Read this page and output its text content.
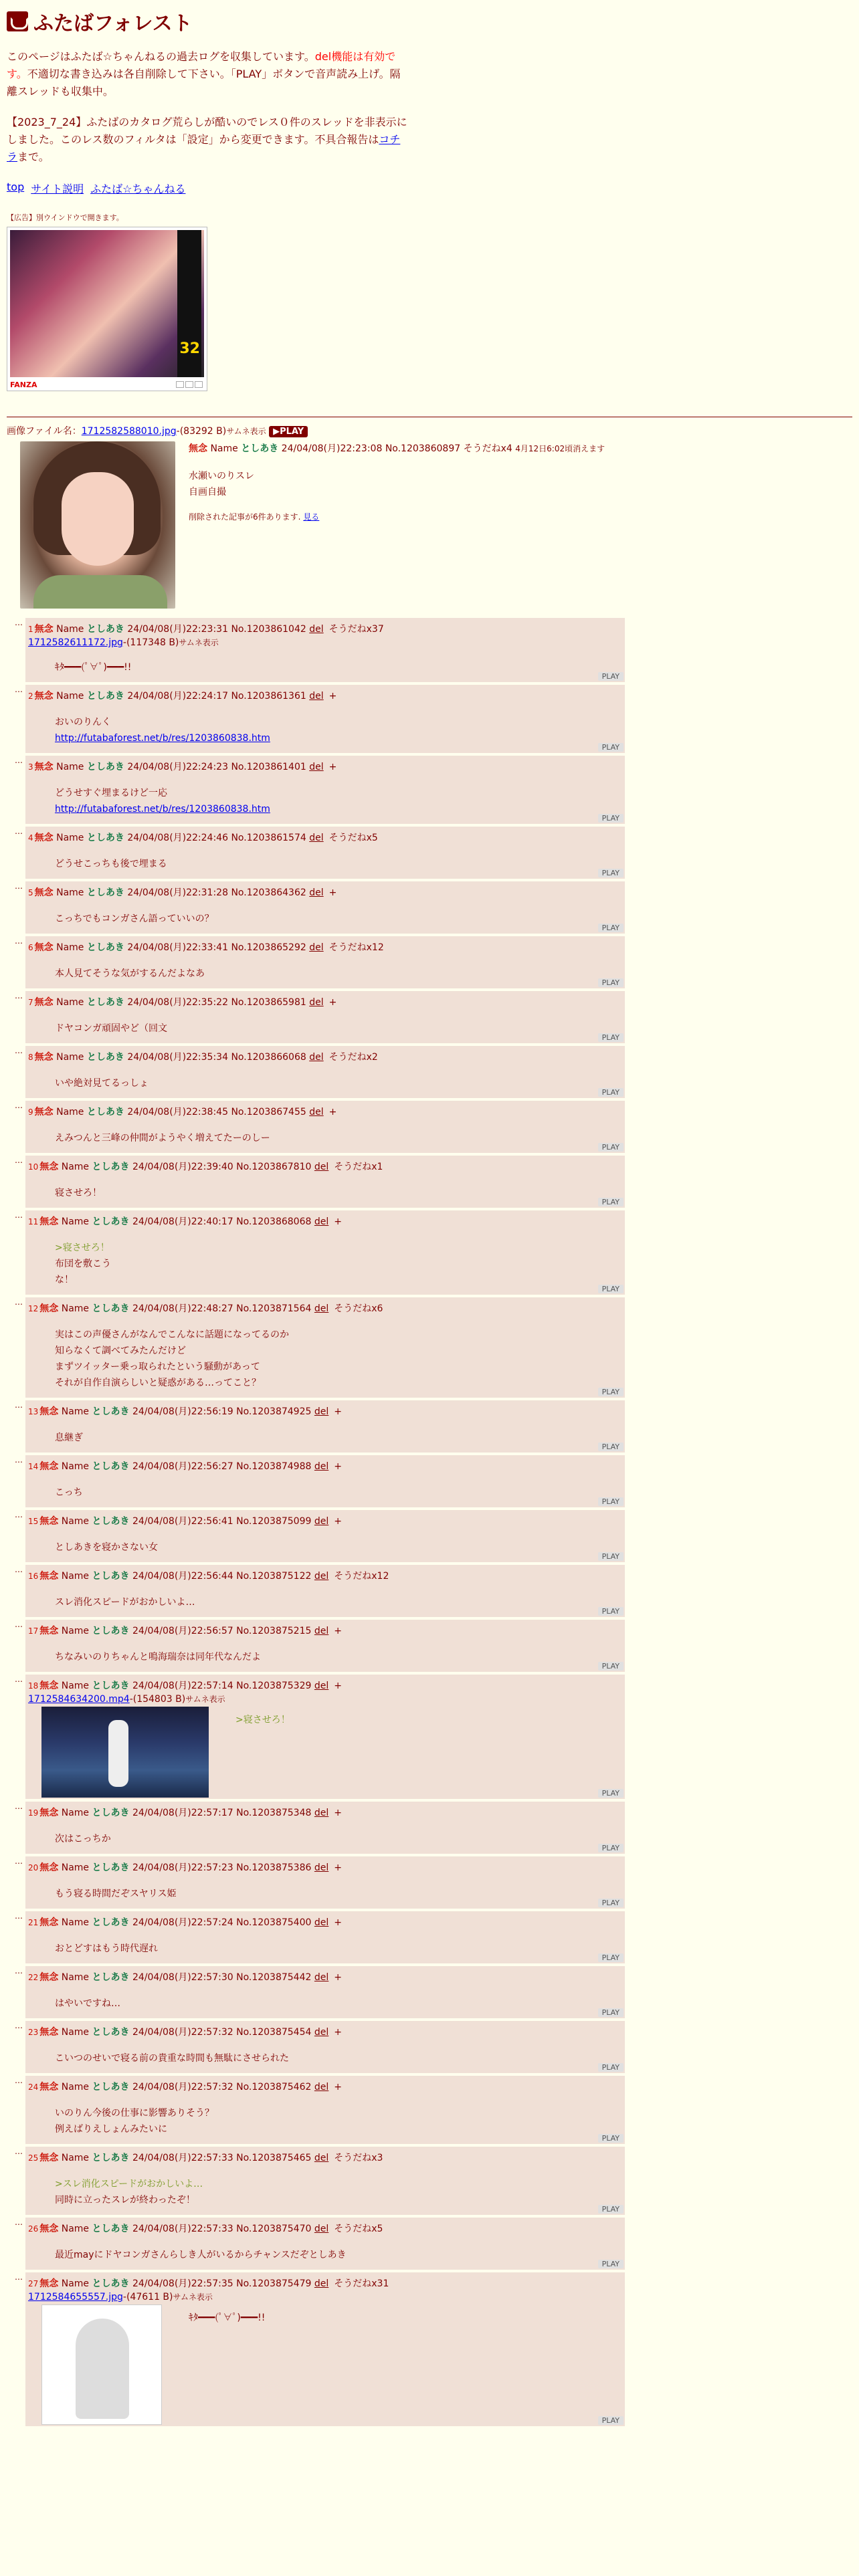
ふたばフォレスト
このページはふたば☆ちゃんねるの過去ログを収集しています。del機能は有効です。不適切な書き込みは各自削除して下さい。「PLAY」ボタンで音声読み上げ。隔離スレッドも収集中。
【2023_7_24】ふたばのカタログ荒らしが酷いのでレス０件のスレッドを非表示にしました。このレス数のフィルタは「設定」から変更できます。不具合報告はコチラまで。
top サイト説明 ふたば☆ちゃんねる
【広告】別ウインドウで開きます。
32
FANZA
画像ファイル名：1712582588010.jpg-(83292 B)サムネ表示 ▶PLAY
無念 Name としあき 24/04/08(月)22:23:08 No.1203860897 そうだねx4 4月12日6:02頃消えます
水瀬いのりスレ
自画自撮
削除された記事が6件あります. 見る
…
1 無念 Name としあき 24/04/08(月)22:23:31 No.1203861042 del そうだねx37
1712582611172.jpg-(117348 B)サムネ表示
ｷﾀ━━━(ﾟ∀ﾟ)━━━!!
PLAY
…
2 無念 Name としあき 24/04/08(月)22:24:17 No.1203861361 del +
おいのりんく
http://futabaforest.net/b/res/1203860838.htm
PLAY
…
3 無念 Name としあき 24/04/08(月)22:24:23 No.1203861401 del +
どうせすぐ埋まるけど一応
http://futabaforest.net/b/res/1203860838.htm
PLAY
…
4 無念 Name としあき 24/04/08(月)22:24:46 No.1203861574 del そうだねx5
どうせこっちも後で埋まる
PLAY
…
5 無念 Name としあき 24/04/08(月)22:31:28 No.1203864362 del +
こっちでもコンガさん語っていいの？
PLAY
…
6 無念 Name としあき 24/04/08(月)22:33:41 No.1203865292 del そうだねx12
本人見てそうな気がするんだよなあ
PLAY
…
7 無念 Name としあき 24/04/08(月)22:35:22 No.1203865981 del +
ドヤコンガ頑固やど（回文
PLAY
…
8 無念 Name としあき 24/04/08(月)22:35:34 No.1203866068 del そうだねx2
いや絶対見てるっしょ
PLAY
…
9 無念 Name としあき 24/04/08(月)22:38:45 No.1203867455 del +
えみつんと三峰の仲間がようやく増えてたーのしー
PLAY
…
10 無念 Name としあき 24/04/08(月)22:39:40 No.1203867810 del そうだねx1
寝させろ！
PLAY
…
11 無念 Name としあき 24/04/08(月)22:40:17 No.1203868068 del +
>寝させろ！
布団を敷こう
な！
PLAY
…
12 無念 Name としあき 24/04/08(月)22:48:27 No.1203871564 del そうだねx6
実はこの声優さんがなんでこんなに話題になってるのか
知らなくて調べてみたんだけど
まずツイッター乗っ取られたという騒動があって
それが自作自演らしいと疑惑がある…ってこと？
PLAY
…
13 無念 Name としあき 24/04/08(月)22:56:19 No.1203874925 del +
息継ぎ
PLAY
…
14 無念 Name としあき 24/04/08(月)22:56:27 No.1203874988 del +
こっち
PLAY
…
15 無念 Name としあき 24/04/08(月)22:56:41 No.1203875099 del +
としあきを寝かさない女
PLAY
…
16 無念 Name としあき 24/04/08(月)22:56:44 No.1203875122 del そうだねx12
スレ消化スピードがおかしいよ…
PLAY
…
17 無念 Name としあき 24/04/08(月)22:56:57 No.1203875215 del +
ちなみいのりちゃんと鳴海瑞奈は同年代なんだよ
PLAY
…
18 無念 Name としあき 24/04/08(月)22:57:14 No.1203875329 del +
1712584634200.mp4-(154803 B)サムネ表示
>寝させろ！
PLAY
…
19 無念 Name としあき 24/04/08(月)22:57:17 No.1203875348 del +
次はこっちか
PLAY
…
20 無念 Name としあき 24/04/08(月)22:57:23 No.1203875386 del +
もう寝る時間だぞスヤリス姫
PLAY
…
21 無念 Name としあき 24/04/08(月)22:57:24 No.1203875400 del +
おとどすはもう時代遅れ
PLAY
…
22 無念 Name としあき 24/04/08(月)22:57:30 No.1203875442 del +
はやいですね…
PLAY
…
23 無念 Name としあき 24/04/08(月)22:57:32 No.1203875454 del +
こいつのせいで寝る前の貴重な時間も無駄にさせられた
PLAY
…
24 無念 Name としあき 24/04/08(月)22:57:32 No.1203875462 del +
いのりん今後の仕事に影響ありそう？
例えばりえしょんみたいに
PLAY
…
25 無念 Name としあき 24/04/08(月)22:57:33 No.1203875465 del そうだねx3
>スレ消化スピードがおかしいよ…
同時に立ったスレが終わったぞ！
PLAY
…
26 無念 Name としあき 24/04/08(月)22:57:33 No.1203875470 del そうだねx5
最近mayにドヤコンガさんらしき人がいるからチャンスだぞとしあき
PLAY
…
27 無念 Name としあき 24/04/08(月)22:57:35 No.1203875479 del そうだねx31
1712584655557.jpg-(47611 B)サムネ表示
ｷﾀ━━━(ﾟ∀ﾟ)━━━!!
PLAY
